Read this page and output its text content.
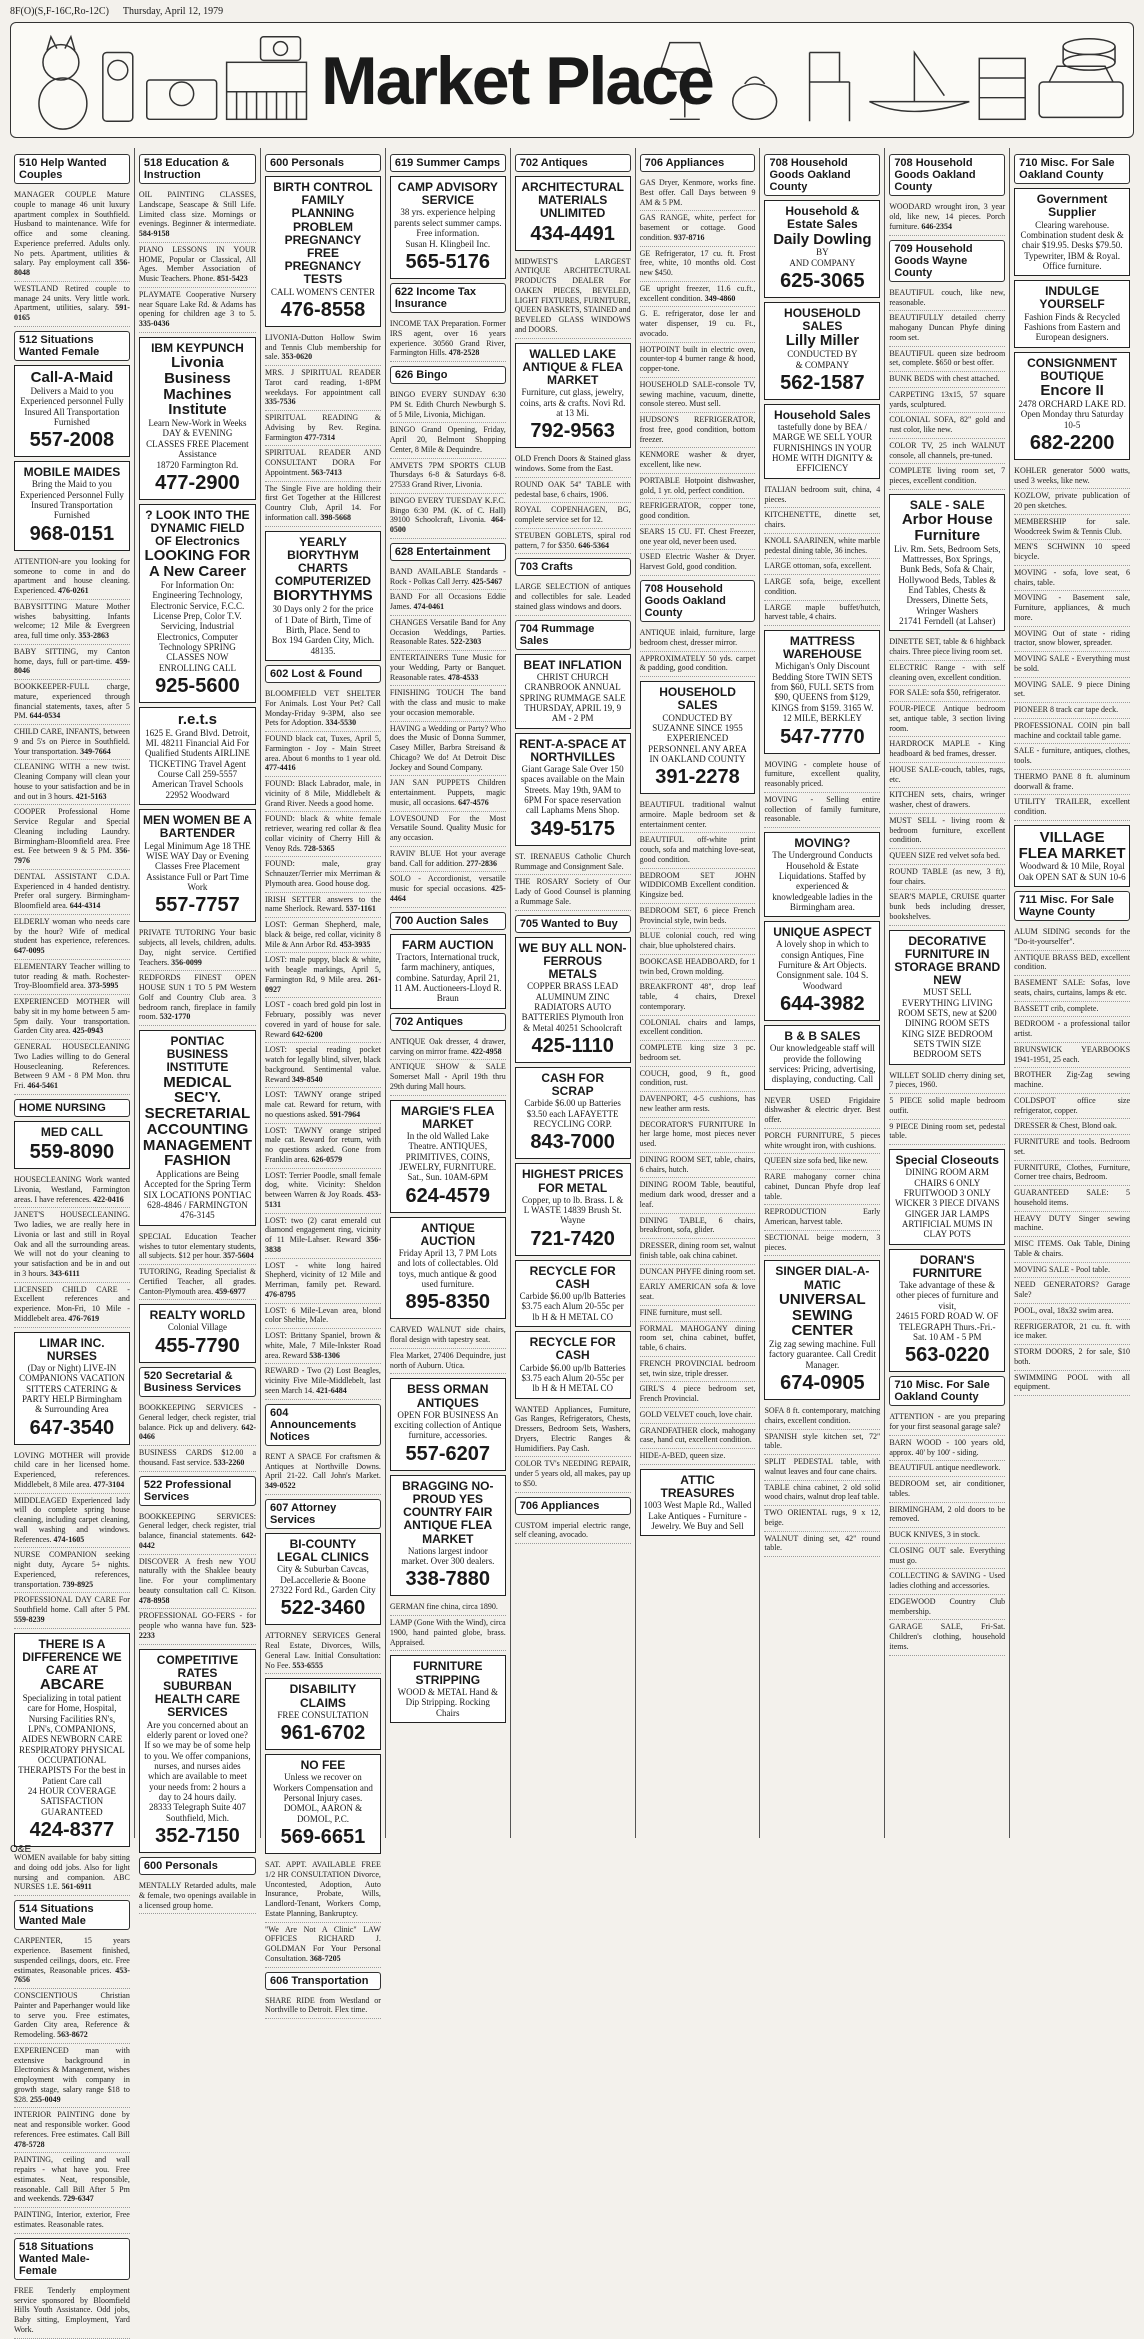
8F(O)(S,F-16C,Ro-12C) Thursday, April 12, 1979
Market Place
510 Help Wanted Couples
MANAGER COUPLE Mature couple to manage 46 unit luxury apartment complex in Southfield. Husband to maintenance. Wife for office and some cleaning. Experience preferred. Adults only. No pets. Apartment, utilities & salary. Pay employment call 356-8048
WESTLAND Retired couple to manage 24 units. Very little work. Apartment, utilities, salary. 591-0165
512 Situations Wanted Female
Call-A-Maid
Delivers a Maid to you Experienced personnel Fully Insured All Transportation Furnished
557-2008
MOBILE MAIDES
Bring the Maid to you Experienced Personnel Fully Insured Transportation Furnished
968-0151
ATTENTION-are you looking for someone to come in and do apartment and house cleaning. Experienced. 476-0261
BABYSITTING Mature Mother wishes babysitting. Infants welcome; 12 Mile & Evergreen area, full time only. 353-2863
BABY SITTING, my Canton home, days, full or part-time. 459-8046
BOOKKEEPER-FULL charge, mature, experienced through financial statements, taxes, after 5 PM. 644-0534
CHILD CARE, INFANTS, between 9 and 5's on Pierce in Southfield. Your transportation. 349-7664
CLEANING WITH a new twist. Cleaning Company will clean your house to your satisfaction and be in and out in 3 hours. 421-5163
COOPER Professional Home Service Regular and Special Cleaning including Laundry. Birmingham-Bloomfield area. Free est. Fee between 9 & 5 PM. 356-7976
DENTAL ASSISTANT C.D.A. Experienced in 4 handed dentistry. Prefer oral surgery. Birmingham-Bloomfield area. 644-4314
ELDERLY woman who needs care by the hour? Wife of medical student has experience, references. 647-0095
ELEMENTARY Teacher willing to tutor reading & math. Rochester-Troy-Bloomfield area. 373-5995
EXPERIENCED MOTHER will baby sit in my home between 5 am-5pm daily. Your transportation. Garden City area. 425-0943
GENERAL HOUSECLEANING Two Ladies willing to do General Housecleaning. References. Between 9 AM - 8 PM Mon. thru Fri. 464-5461
HOME NURSING
MED CALL
559-8090
HOUSECLEANING Work wanted Livonia, Westland, Farmington areas. I have references. 422-0416
JANET'S HOUSECLEANING. Two ladies, we are really here in Livonia or last and still in Royal Oak and all the surrounding areas. We will not do your cleaning to your satisfaction and be in and out in 3 hours. 343-6111
LICENSED CHILD CARE - Excellent references and experience. Mon-Fri, 10 Mile - Middlebelt area. 476-7619
LIMAR INC. NURSES
(Day or Night) LIVE-IN COMPANIONS VACATION SITTERS CATERING & PARTY HELP Birmingham & Surrounding Area
647-3540
LOVING MOTHER will provide child care in her licensed home. Experienced, references. Middlebelt, 8 Mile area. 477-3104
MIDDLEAGED Experienced lady will do complete spring house cleaning, including carpet cleaning, wall washing and windows. References. 474-1605
NURSE COMPANION seeking night duty, Aycare 5+ nights. Experienced, references, transportation. 739-8925
PROFESSIONAL DAY CARE For Southfield home. Call after 5 PM. 559-8239
THERE IS A DIFFERENCE WE CARE AT
ABCARE
Specializing in total patient care for Home, Hospital, Nursing Facilities RN's, LPN's, COMPANIONS, AIDES NEWBORN CARE RESPIRATORY PHYSICAL OCCUPATIONAL THERAPISTS For the best in Patient Care call
24 HOUR COVERAGE SATISFACTION GUARANTEED
424-8377
WOMEN available for baby sitting and doing odd jobs. Also for light nursing and companion. ABC NURSES 1.E. 561-6911
514 Situations Wanted Male
CARPENTER, 15 years experience. Basement finished, suspended ceilings, doors, etc. Free estimates, Reasonable prices. 453-7656
CONSCIENTIOUS Christian Painter and Paperhanger would like to serve you. Free estimates, Garden City area, Reference & Remodeling. 563-8672
EXPERIENCED man with extensive background in Electronics & Management, wishes employment with company in growth stage, salary range $18 to $28. 255-0049
INTERIOR PAINTING done by neat and responsible worker. Good references. Free estimates. Call Bill 478-5728
PAINTING, ceiling and wall repairs - what have you. Free estimates. Neat, responsible, reasonable. Call Bill After 5 Pm and weekends. 729-6347
PAINTING, Interior, exterior, Free estimates. Reasonable rates.
518 Situations Wanted Male-Female
FREE Tenderly employment service sponsored by Bloomfield Hills Youth Assistance. Odd jobs, Baby sitting, Employment, Yard Work.
518 Education & Instruction
OIL PAINTING CLASSES, Landscape, Seascape & Still Life. Limited class size. Mornings or evenings. Beginner & intermediate. 584-9158
PIANO LESSONS IN YOUR HOME, Popular or Classical, All Ages. Member Association of Music Teachers. Phone. 851-5423
PLAYMATE Cooperative Nursery near Square Lake Rd. & Adams has opening for children age 3 to 5. 335-0436
IBM KEYPUNCH
Livonia Business Machines Institute
Learn New-Work in Weeks DAY & EVENING CLASSES FREE Placement Assistance
18720 Farmington Rd.
477-2900
? LOOK INTO THE DYNAMIC FIELD OF Electronics
LOOKING FOR A New Career
For Information On: Engineering Technology, Electronic Service, F.C.C. License Prep, Color T.V. Servicing, Industrial Electronics, Computer Technology SPRING CLASSES NOW ENROLLING CALL
925-5600
r.e.t.s
1625 E. Grand Blvd. Detroit, MI. 48211 Financial Aid For Qualified Students AIRLINE TICKETING Travel Agent Course Call 259-5557 American Travel Schools 22952 Woodward
MEN WOMEN BE A BARTENDER
Legal Minimum Age 18 THE WISE WAY Day or Evening Classes Free Placement Assistance Full or Part Time Work
557-7757
PRIVATE TUTORING Your basic subjects, all levels, children, adults. Day, night service. Certified Teachers. 356-0099
REDFORDS FINEST OPEN HOUSE SUN 1 TO 5 PM Western Golf and Country Club area. 3 bedroom ranch, fireplace in family room. 532-1770
PONTIAC BUSINESS INSTITUTE
MEDICAL SEC'Y. SECRETARIAL ACCOUNTING MANAGEMENT FASHION
Applications are Being Accepted for the Spring Term
SIX LOCATIONS PONTIAC 628-4846 / FARMINGTON 476-3145
SPECIAL Education Teacher wishes to tutor elementary students, all subjects. $12 per hour. 357-5604
TUTORING, Reading Specialist & Certified Teacher, all grades. Canton-Plymouth area. 459-6977
REALTY WORLD
Colonial Village
455-7790
520 Secretarial & Business Services
BOOKKEEPING SERVICES - General ledger, check register, trial balance. Pick up and delivery. 642-0466
BUSINESS CARDS $12.00 a thousand. Fast service. 533-2260
522 Professional Services
BOOKKEEPING SERVICES: General ledger, check register, trial balance, financial statements. 642-0442
DISCOVER A fresh new YOU naturally with the Shaklee beauty line. For your complimentary beauty consultation call C. Kitson. 478-8958
PROFESSIONAL GO-FERS - for people who wanna have fun. 523-2233
COMPETITIVE RATES SUBURBAN HEALTH CARE SERVICES
Are you concerned about an elderly parent or loved one? If so we may be of some help to you. We offer companions, nurses, and nurses aides which are available to meet your needs from: 2 hours a day to 24 hours daily.
28333 Telegraph Suite 407 Southfield, Mich.
352-7150
600 Personals
MENTALLY Retarded adults, male & female, two openings available in a licensed group home.
600 Personals
BIRTH CONTROL FAMILY PLANNING PROBLEM PREGNANCY FREE PREGNANCY TESTS
CALL WOMEN'S CENTER
476-8558
LIVONIA-Dutton Hollow Swim and Tennis Club membership for sale. 353-0620
MRS. J SPIRITUAL READER Tarot card reading, 1-8PM weekdays. For appointment call 335-7536
SPIRITUAL READING & Advising by Rev. Regina. Farmington 477-7314
SPIRITUAL READER AND CONSULTANT DORA For Appointment. 563-7413
The Single Five are holding their first Get Together at the Hillcrest Country Club, April 14. For information call. 398-5668
YEARLY BIORYTHYM CHARTS COMPUTERIZED
BIORYTHYMS
30 Days only 2 for the price of 1 Date of Birth, Time of Birth, Place. Send to
Box 194 Garden City, Mich. 48135.
602 Lost & Found
BLOOMFIELD VET SHELTER For Animals. Lost Your Pet? Call Monday-Friday 9-3PM, also see Pets for Adoption. 334-5530
FOUND black cat, Tuxes, April 5, Farmington - Joy - Main Street area. About 6 months to 1 year old. 477-4416
FOUND: Black Labrador, male, in vicinity of 8 Mile, Middlebelt & Grand River. Needs a good home.
FOUND: black & white female retriever, wearing red collar & flea collar vicinity of Cherry Hill & Venoy Rds. 728-5365
FOUND: male, gray Schnauzer/Terrier mix Merriman & Plymouth area. Good house dog.
IRISH SETTER answers to the name Sherlock. Reward. 537-1161
LOST: German Shepherd, male, black & beige, red collar, vicinity 8 Mile & Ann Arbor Rd. 453-3935
LOST: male puppy, black & white, with beagle markings, April 5, Farmington Rd, 9 Mile area. 261-0927
LOST - coach bred gold pin lost in February, possibly was never covered in yard of house for sale. Reward 642-6200
LOST: special reading pocket watch for legally blind, silver, black background. Sentimental value. Reward 349-8540
LOST: TAWNY orange striped male cat. Reward for return, with no questions asked. 591-7964
LOST: TAWNY orange striped male cat. Reward for return, with no questions asked. Gone from Franklin area. 626-0579
LOST: Terrier Poodle, small female dog, white. Vicinity: Sheldon between Warren & Joy Roads. 453-5131
LOST: two (2) carat emerald cut diamond engagement ring, vicinity of 11 Mile-Lahser. Reward 356-3838
LOST - white long haired Shepherd, vicinity of 12 Mile and Merriman, family pet. Reward. 476-8795
LOST: 6 Mile-Levan area, blond color Sheltie, Male.
LOST: Brittany Spaniel, brown & white, Male, 7 Mile-Inkster Road area. Reward 538-1306
REWARD - Two (2) Lost Beagles, vicinity Five Mile-Middlebelt, last seen March 14. 421-6484
604 Announcements Notices
RENT A SPACE For craftsmen & Antiques at Northville Downs. April 21-22. Call John's Market. 349-0522
607 Attorney Services
BI-COUNTY LEGAL CLINICS
City & Suburban Cavcas, DeLaccellerie & Boone 27322 Ford Rd., Garden City
522-3460
ATTORNEY SERVICES General Real Estate, Divorces, Wills, General Law. Initial Consultation: No Fee. 553-6555
DISABILITY CLAIMS
FREE CONSULTATION
961-6702
NO FEE
Unless we recover on Workers Compensation and Personal Injury cases. DOMOL, AARON & DOMOL, P.C.
569-6651
SAT. APPT. AVAILABLE FREE 1/2 HR CONSULTATION Divorce, Uncontested, Adoption, Auto Insurance, Probate, Wills, Landlord-Tenant, Workers Comp, Estate Planning, Bankruptcy.
"We Are Not A Clinic" LAW OFFICES RICHARD J. GOLDMAN For Your Personal Consultation. 368-7205
606 Transportation
SHARE RIDE from Westland or Northville to Detroit. Flex time.
619 Summer Camps
CAMP ADVISORY SERVICE
38 yrs. experience helping parents select summer camps. Free information.
Susan H. Klingbeil Inc.
565-5176
622 Income Tax Insurance
INCOME TAX Preparation. Former IRS agent, over 16 years experience. 30560 Grand River, Farmington Hills. 478-2528
626 Bingo
BINGO EVERY SUNDAY 6:30 PM St. Edith Church Newburgh S. of 5 Mile, Livonia, Michigan.
BINGO Grand Opening, Friday, April 20, Belmont Shopping Center, 8 Mile & Dequindre.
AMVETS 7PM SPORTS CLUB Thursdays 6-8 & Saturdays 6-8. 27533 Grand River, Livonia.
BINGO EVERY TUESDAY K.F.C. Bingo 6:30 PM. (K. of C. Hall) 39100 Schoolcraft, Livonia. 464-0500
628 Entertainment
BAND AVAILABLE Standards - Rock - Polkas Call Jerry. 425-5467
BAND For all Occasions Eddie James. 474-0461
CHANGES Versatile Band for Any Occasion Weddings, Parties. Reasonable Rates. 522-2303
ENTERTAINERS Tune Music for your Wedding, Party or Banquet. Reasonable rates. 478-4533
FINISHING TOUCH The band with the class and music to make your occasion memorable.
HAVING a Wedding or Party? Who does the Music of Donna Summer, Casey Miller, Barbra Streisand & Chicago? We do! At Detroit Disc Jockey and Sound Company.
JAN SAN PUPPETS Children entertainment. Puppets, magic music, all occasions. 647-4576
LOVESOUND For the Most Versatile Sound. Quality Music for any occasion.
RAVIN' BLUE Hot your average band. Call for addition. 277-2836
SOLO - Accordionist, versatile music for special occasions. 425-4464
700 Auction Sales
FARM AUCTION
Tractors, International truck, farm machinery, antiques, combine. Saturday, April 21, 11 AM. Auctioneers-Lloyd R. Braun
702 Antiques
ANTIQUE Oak dresser, 4 drawer, carving on mirror frame. 422-4958
ANTIQUE SHOW & SALE Somerset Mall - April 19th thru 29th during Mall hours.
MARGIE'S FLEA MARKET
In the old Walled Lake Theatre. ANTIQUES, PRIMITIVES, COINS, JEWELRY, FURNITURE. Sat., Sun. 10AM-6PM
624-4579
ANTIQUE AUCTION
Friday April 13, 7 PM Lots and lots of collectables. Old toys, much antique & good used furniture.
895-8350
CARVED WALNUT side chairs, floral design with tapestry seat.
Flea Market, 27406 Dequindre, just north of Auburn. Utica.
BESS ORMAN ANTIQUES
OPEN FOR BUSINESS An exciting collection of Antique furniture, accessories.
557-6207
BRAGGING NO-PROUD YES COUNTRY FAIR ANTIQUE FLEA MARKET
Nations largest indoor market. Over 300 dealers.
338-7880
GERMAN fine china, circa 1890.
LAMP (Gone With the Wind), circa 1900, hand painted globe, brass. Appraised.
FURNITURE STRIPPING
WOOD & METAL Hand & Dip Stripping. Rocking Chairs
702 Antiques
ARCHITECTURAL MATERIALS UNLIMITED
434-4491
MIDWEST'S LARGEST ANTIQUE ARCHITECTURAL PRODUCTS DEALER For OAKEN PIECES, BEVELED, LIGHT FIXTURES, FURNITURE, QUEEN BASKETS, STAINED and BEVELED GLASS WINDOWS and DOORS.
WALLED LAKE ANTIQUE & FLEA MARKET
Furniture, cut glass, jewelry, coins, arts & crafts. Novi Rd. at 13 Mi.
792-9563
OLD French Doors & Stained glass windows. Some from the East.
ROUND OAK 54" TABLE with pedestal base, 6 chairs, 1906.
ROYAL COPENHAGEN, BG, complete service set for 12.
STEUBEN GOBLETS, spiral rod pattern, 7 for $350. 646-5364
703 Crafts
LARGE SELECTION of antiques and collectibles for sale. Leaded stained glass windows and doors.
704 Rummage Sales
BEAT INFLATION
CHRIST CHURCH CRANBROOK ANNUAL SPRING RUMMAGE SALE THURSDAY, APRIL 19, 9 AM - 2 PM
RENT-A-SPACE AT NORTHVILLES
Giant Garage Sale Over 150 spaces available on the Main Streets. May 19th, 9AM to 6PM For space reservation call Laphams Mens Shop.
349-5175
ST. IRENAEUS Catholic Church Rummage and Consignment Sale.
THE ROSARY Society of Our Lady of Good Counsel is planning a Rummage Sale.
705 Wanted to Buy
WE BUY ALL NON-FERROUS METALS
COPPER BRASS LEAD ALUMINUM ZINC RADIATORS AUTO BATTERIES Plymouth Iron & Metal 40251 Schoolcraft
425-1110
CASH FOR SCRAP
Carbide $6.00 up Batteries $3.50 each LAFAYETTE RECYCLING CORP.
843-7000
HIGHEST PRICES FOR METAL
Copper, up to lb. Brass. L & L WASTE 14839 Brush St. Wayne
721-7420
RECYCLE FOR CASH
Carbide $6.00 up/lb Batteries $3.75 each Alum 20-55c per lb H & H METAL CO
RECYCLE FOR CASH
Carbide $6.00 up/lb Batteries $3.75 each Alum 20-55c per lb H & H METAL CO
WANTED Appliances, Furniture, Gas Ranges, Refrigerators, Chests, Dressers, Bedroom Sets, Washers, Dryers, Electric Ranges & Humidifiers. Pay Cash.
COLOR TV's NEEDING REPAIR, under 5 years old, all makes, pay up to $50.
706 Appliances
CUSTOM imperial electric range, self cleaning, avocado.
706 Appliances
GAS Dryer, Kenmore, works fine. Best offer. Call Days between 9 AM & 5 PM.
GAS RANGE, white, perfect for basement or cottage. Good condition. 937-8716
GE Refrigerator, 17 cu. ft. Frost free, white, 10 months old. Cost new $450.
GE upright freezer, 11.6 cu.ft., excellent condition. 349-4860
G. E. refrigerator, dose ler and water dispenser, 19 cu. Ft., avocado.
HOTPOINT built in electric oven, counter-top 4 burner range & hood, copper-tone.
HOUSEHOLD SALE-console TV, sewing machine, vacuum, dinette, console stereo. Must sell.
HUDSON'S REFRIGERATOR, frost free, good condition, bottom freezer.
KENMORE washer & dryer, excellent, like new.
PORTABLE Hotpoint dishwasher, gold, 1 yr. old, perfect condition.
REFRIGERATOR, copper tone, good condition.
SEARS 15 CU. FT. Chest Freezer, one year old, never been used.
USED Electric Washer & Dryer. Harvest Gold, good condition.
708 Household Goods Oakland County
ANTIQUE inlaid, furniture, large bedroom chest, dresser mirror.
APPROXIMATELY 50 yds. carpet & padding, good condition.
HOUSEHOLD SALES
CONDUCTED BY SUZANNE SINCE 1955 EXPERIENCED PERSONNEL ANY AREA IN OAKLAND COUNTY
391-2278
BEAUTIFUL traditional walnut armoire. Maple bedroom set & entertainment center.
BEAUTIFUL off-white print couch, sofa and matching love-seat, good condition.
BEDROOM SET JOHN WIDDICOMB Excellent condition. Kingsize bed.
BEDROOM SET, 6 piece French Provincial style, twin beds.
BLUE colonial couch, red wing chair, blue upholstered chairs.
BOOKCASE HEADBOARD, for 1 twin bed, Crown molding.
BREAKFRONT 48", drop leaf table, 4 chairs, Drexel contemporary.
COLONIAL chairs and lamps, excellent condition.
COMPLETE king size 3 pc. bedroom set.
COUCH, good, 9 ft., good condition, rust.
DAVENPORT, 4-5 cushions, has new leather arm rests.
DECORATOR'S FURNITURE In her large home, most pieces never used.
DINING ROOM SET, table, chairs, 6 chairs, hutch.
DINING ROOM Table, beautiful, medium dark wood, dresser and a leaf.
DINING TABLE, 6 chairs, breakfront, sofa, glider.
DRESSER, dining room set, walnut finish table, oak china cabinet.
DUNCAN PHYFE dining room set.
EARLY AMERICAN sofa & love seat.
FINE furniture, must sell.
FORMAL MAHOGANY dining room set, china cabinet, buffet, table, 6 chairs.
FRENCH PROVINCIAL bedroom set, twin size, triple dresser.
GIRL'S 4 piece bedroom set, French Provincial.
GOLD VELVET couch, love chair.
GRANDFATHER clock, mahogany case, hand cut, excellent condition.
HIDE-A-BED, queen size.
ATTIC TREASURES
1003 West Maple Rd., Walled Lake Antiques - Furniture - Jewelry. We Buy and Sell
708 Household Goods Oakland County
Household & Estate Sales
Daily Dowling
BY
AND COMPANY
625-3065
HOUSEHOLD SALES
Lilly Miller
CONDUCTED BY
& COMPANY
562-1587
Household Sales
tastefully done by BEA / MARGE WE SELL YOUR FURNISHINGS IN YOUR HOME WITH DIGNITY & EFFICIENCY
ITALIAN bedroom suit, china, 4 pieces.
KITCHENETTE, dinette set, chairs.
KNOLL SAARINEN, white marble pedestal dining table, 36 inches.
LARGE ottoman, sofa, excellent.
LARGE sofa, beige, excellent condition.
LARGE maple buffet/hutch, harvest table, 4 chairs.
MATTRESS WAREHOUSE
Michigan's Only Discount Bedding Store TWIN SETS from $60, FULL SETS from $90, QUEENS from $129, KINGS from $159. 3165 W. 12 MILE, BERKLEY
547-7770
MOVING - complete house of furniture, excellent quality, reasonably priced.
MOVING - Selling entire collection of family furniture, reasonable.
MOVING?
The Underground Conducts Household & Estate Liquidations. Staffed by experienced & knowledgeable ladies in the Birmingham area.
UNIQUE ASPECT
A lovely shop in which to consign Antiques, Fine Furniture & Art Objects. Consignment sale. 104 S. Woodward
644-3982
B & B SALES
Our knowledgeable staff will provide the following services: Pricing, advertising, displaying, conducting. Call
NEVER USED Frigidaire dishwasher & electric dryer. Best offer.
PORCH FURNITURE, 5 pieces white wrought iron, with cushions.
QUEEN size sofa bed, like new.
RARE mahogany corner china cabinet, Duncan Phyfe drop leaf table.
REPRODUCTION Early American, harvest table.
SECTIONAL beige modern, 3 pieces.
SINGER DIAL-A-MATIC
UNIVERSAL SEWING CENTER
Zig zag sewing machine. Full factory guarantee. Call Credit Manager.
674-0905
SOFA 8 ft. contemporary, matching chairs, excellent condition.
SPANISH style kitchen set, 72" table.
SPLIT PEDESTAL table, with walnut leaves and four cane chairs.
TABLE china cabinet, 2 old solid wood chairs, walnut drop leaf table.
TWO ORIENTAL rugs, 9 x 12, beige.
WALNUT dining set, 42" round table.
708 Household Goods Oakland County
WOODARD wrought iron, 3 year old, like new, 14 pieces. Porch furniture. 646-2354
709 Household Goods Wayne County
BEAUTIFUL couch, like new, reasonable.
BEAUTIFULLY detailed cherry mahogany Duncan Phyfe dining room set.
BEAUTIFUL queen size bedroom set, complete. $650 or best offer.
BUNK BEDS with chest attached.
CARPETING 13x15, 57 square yards, sculptured.
COLONIAL SOFA, 82" gold and rust color, like new.
COLOR TV, 25 inch WALNUT console, all channels, pre-tuned.
COMPLETE living room set, 7 pieces, excellent condition.
SALE - SALE
Arbor House Furniture
Liv. Rm. Sets, Bedroom Sets, Mattresses, Box Springs, Bunk Beds, Sofa & Chair, Hollywood Beds, Tables & End Tables, Chests & Dressers, Dinette Sets, Wringer Washers
21741 Ferndell (at Lahser)
DINETTE SET, table & 6 highback chairs. Three piece living room set.
ELECTRIC Range - with self cleaning oven, excellent condition.
FOR SALE: sofa $50, refrigerator.
FOUR-PIECE Antique bedroom set, antique table, 3 section living room.
HARDROCK MAPLE - King headboard & bed frames, dresser.
HOUSE SALE-couch, tables, rugs, etc.
KITCHEN sets, chairs, wringer washer, chest of drawers.
MUST SELL - living room & bedroom furniture, excellent condition.
QUEEN SIZE red velvet sofa bed.
ROUND TABLE (as new, 3 ft), four chairs.
SEAR'S MAPLE, CRUISE quarter bunk beds including dresser, bookshelves.
DECORATIVE FURNITURE IN STORAGE BRAND NEW
MUST SELL EVERYTHING LIVING ROOM SETS, new at $200 DINING ROOM SETS KING SIZE BEDROOM SETS TWIN SIZE BEDROOM SETS
WILLET SOLID cherry dining set, 7 pieces, 1960.
5 PIECE solid maple bedroom outfit.
9 PIECE Dining room set, pedestal table.
Special Closeouts
DINING ROOM ARM CHAIRS 6 ONLY FRUITWOOD 3 ONLY WICKER 3 PIECE DIVANS GINGER JAR LAMPS ARTIFICIAL MUMS IN CLAY POTS
DORAN'S FURNITURE
Take advantage of these & other pieces of furniture and visit,
24615 FORD ROAD W. OF TELEGRAPH Thurs.-Fri.-Sat. 10 AM - 5 PM
563-0220
710 Misc. For Sale Oakland County
ATTENTION - are you preparing for your first seasonal garage sale?
BARN WOOD - 100 years old, approx. 40' by 100' - siding.
BEAUTIFUL antique needlework.
BEDROOM set, air conditioner, tables.
BIRMINGHAM, 2 old doors to be removed.
BUCK KNIVES, 3 in stock.
CLOSING OUT sale. Everything must go.
COLLECTING & SAVING - Used ladies clothing and accessories.
EDGEWOOD Country Club membership.
GARAGE SALE, Fri-Sat. Children's clothing, household items.
710 Misc. For Sale Oakland County
Government Supplier
Clearing warehouse. Combination student desk & chair $19.95. Desks $79.50. Typewriter, IBM & Royal. Office furniture.
INDULGE YOURSELF
Fashion Finds & Recycled Fashions from Eastern and European designers.
CONSIGNMENT BOUTIQUE
Encore II
2478 ORCHARD LAKE RD. Open Monday thru Saturday 10-5
682-2200
KOHLER generator 5000 watts, used 3 weeks, like new.
KOZLOW, private publication of 20 pen sketches.
MEMBERSHIP for sale. Woodcreek Swim & Tennis Club.
MEN'S SCHWINN 10 speed bicycle.
MOVING - sofa, love seat, 6 chairs, table.
MOVING - Basement sale, Furniture, appliances, & much more.
MOVING Out of state - riding tractor, snow blower, spreader.
MOVING SALE - Everything must be sold.
MOVING SALE. 9 piece Dining set.
PIONEER 8 track car tape deck.
PROFESSIONAL COIN pin ball machine and cocktail table game.
SALE - furniture, antiques, clothes, tools.
THERMO PANE 8 ft. aluminum doorwall & frame.
UTILITY TRAILER, excellent condition.
VILLAGE FLEA MARKET
Woodward & 10 Mile, Royal Oak OPEN SAT & SUN 10-6
711 Misc. For Sale Wayne County
ALUM SIDING seconds for the "Do-it-yourselfer".
ANTIQUE BRASS BED, excellent condition.
BASEMENT SALE: Sofas, love seats, chairs, curtains, lamps & etc.
BASSETT crib, complete.
BEDROOM - a professional tailor artist.
BRUNSWICK YEARBOOKS 1941-1951, 25 each.
BROTHER Zig-Zag sewing machine.
COLDSPOT office size refrigerator, copper.
DRESSER & Chest, Blond oak.
FURNITURE and tools. Bedroom set.
FURNITURE, Clothes, Furniture, Corner tree chairs, Bedroom.
GUARANTEED SALE: 5 household items.
HEAVY DUTY Singer sewing machine.
MISC ITEMS. Oak Table, Dining Table & chairs.
MOVING SALE - Pool table.
NEED GENERATORS? Garage Sale?
POOL, oval, 18x32 swim area.
REFRIGERATOR, 21 cu. ft. with ice maker.
STORM DOORS, 2 for sale, $10 both.
SWIMMING POOL with all equipment.
O&E
